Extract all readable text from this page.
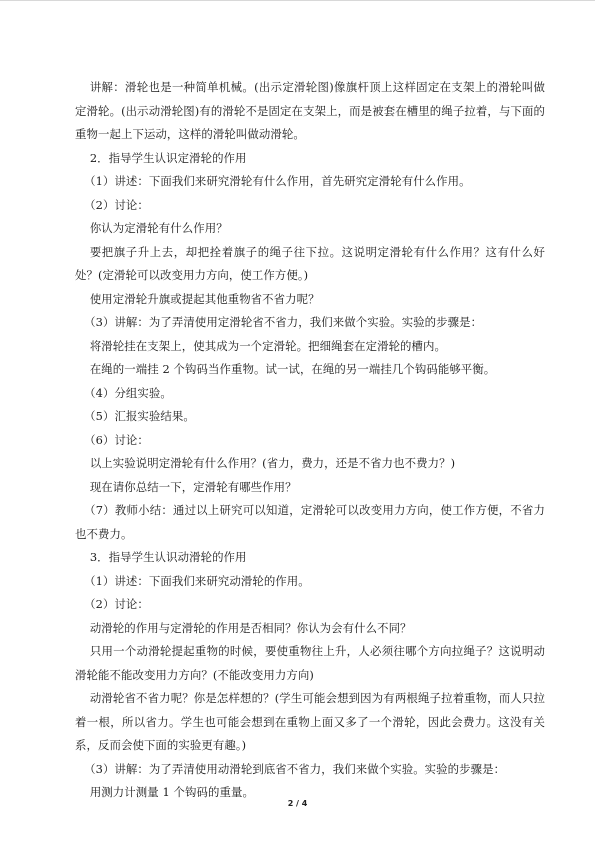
讲解：滑轮也是一种简单机械。(出示定滑轮图)像旗杆顶上这样固定在支架上的滑轮叫做定滑轮。(出示动滑轮图)有的滑轮不是固定在支架上，而是被套在槽里的绳子拉着，与下面的重物一起上下运动，这样的滑轮叫做动滑轮。

2．指导学生认识定滑轮的作用

（1）讲述：下面我们来研究滑轮有什么作用，首先研究定滑轮有什么作用。

（2）讨论：

你认为定滑轮有什么作用？

要把旗子升上去，却把拴着旗子的绳子往下拉。这说明定滑轮有什么作用？这有什么好处？(定滑轮可以改变用力方向，使工作方便。)

使用定滑轮升旗或提起其他重物省不省力呢？

（3）讲解：为了弄清使用定滑轮省不省力，我们来做个实验。实验的步骤是：

将滑轮挂在支架上，使其成为一个定滑轮。把细绳套在定滑轮的槽内。

在绳的一端挂 2 个钩码当作重物。试一试，在绳的另一端挂几个钩码能够平衡。

（4）分组实验。

（5）汇报实验结果。

（6）讨论：

以上实验说明定滑轮有什么作用？(省力，费力，还是不省力也不费力？)

现在请你总结一下，定滑轮有哪些作用？

（7）教师小结：通过以上研究可以知道，定滑轮可以改变用力方向，使工作方便，不省力也不费力。

3．指导学生认识动滑轮的作用

（1）讲述：下面我们来研究动滑轮的作用。

（2）讨论：

动滑轮的作用与定滑轮的作用是否相同？你认为会有什么不同？

只用一个动滑轮提起重物的时候，要使重物往上升，人必须往哪个方向拉绳子？这说明动滑轮能不能改变用力方向？(不能改变用力方向)

动滑轮省不省力呢？你是怎样想的？(学生可能会想到因为有两根绳子拉着重物，而人只拉着一根，所以省力。学生也可能会想到在重物上面又多了一个滑轮，因此会费力。这没有关系，反而会使下面的实验更有趣。)

（3）讲解：为了弄清使用动滑轮到底省不省力，我们来做个实验。实验的步骤是：

用测力计测量 1 个钩码的重量。

2 / 4
